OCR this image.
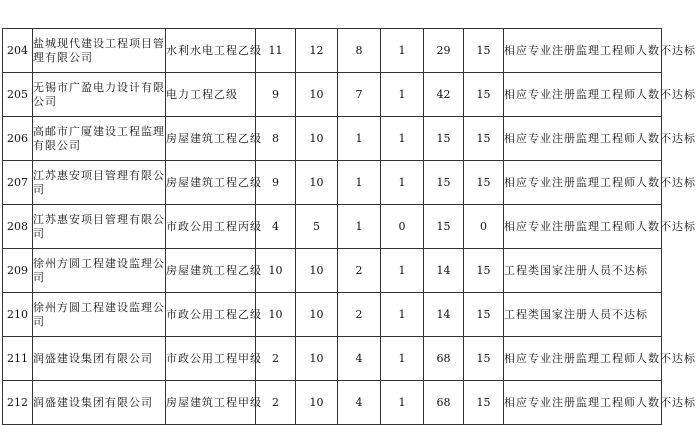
204	盐城现代建设工程项目管理有限公司	水利水电工程乙级	11	12	8	1	29	15	相应专业注册监理工程师人数不达标
205	无锡市广盈电力设计有限公司	电力工程乙级	9	10	7	1	42	15	相应专业注册监理工程师人数不达标
206	高邮市广厦建设工程监理有限公司	房屋建筑工程乙级	8	10	1	1	15	15	相应专业注册监理工程师人数不达标
207	江苏惠安项目管理有限公司	房屋建筑工程乙级	9	10	1	1	15	15	相应专业注册监理工程师人数不达标
208	江苏惠安项目管理有限公司	市政公用工程丙级	4	5	1	0	15	0	相应专业注册监理工程师人数不达标
209	徐州方圆工程建设监理公司	房屋建筑工程乙级	10	10	2	1	14	15	工程类国家注册人员不达标
210	徐州方圆工程建设监理公司	市政公用工程乙级	10	10	2	1	14	15	工程类国家注册人员不达标
211	润盛建设集团有限公司	市政公用工程甲级	2	10	4	1	68	15	相应专业注册监理工程师人数不达标
212	润盛建设集团有限公司	房屋建筑工程甲级	2	10	4	1	68	15	相应专业注册监理工程师人数不达标
